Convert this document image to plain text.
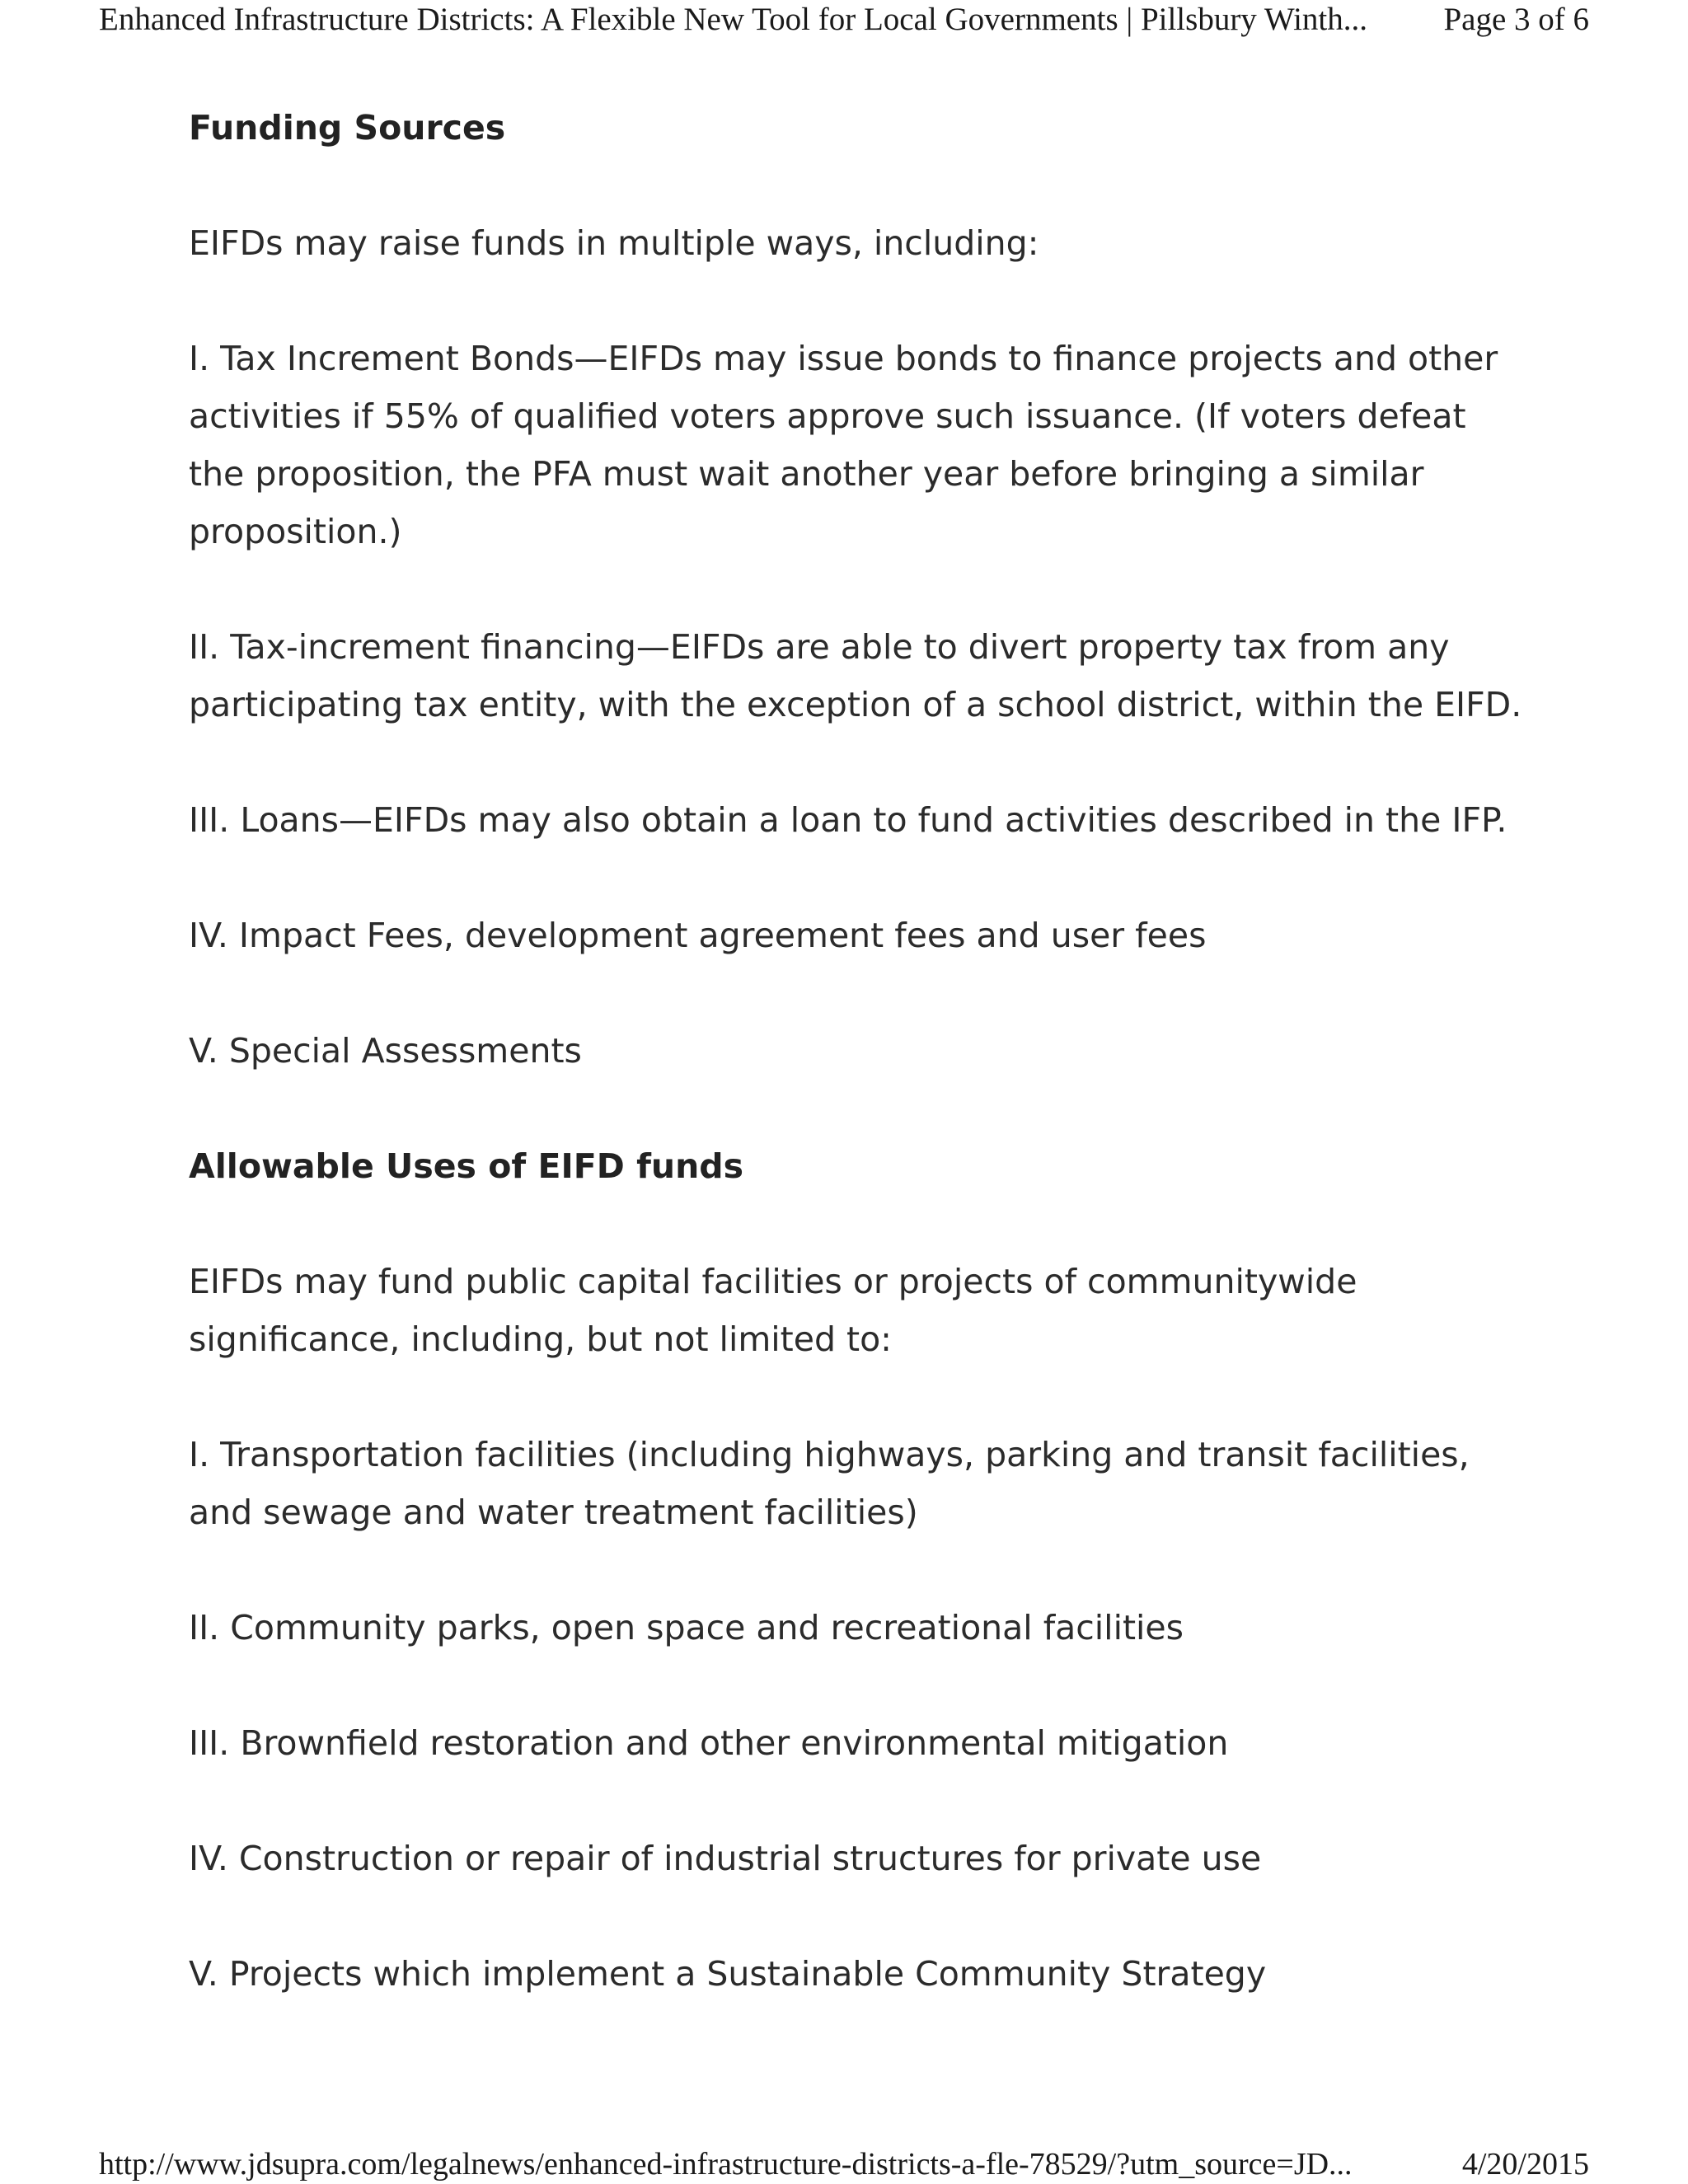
Enhanced Infrastructure Districts: A Flexible New Tool for Local Governments | Pillsbury Winth... Page 3 of 6
Funding Sources

EIFDs may raise funds in multiple ways, including:

I. Tax Increment Bonds—EIFDs may issue bonds to finance projects and other activities if 55% of qualified voters approve such issuance. (If voters defeat the proposition, the PFA must wait another year before bringing a similar proposition.)

II. Tax-increment financing—EIFDs are able to divert property tax from any participating tax entity, with the exception of a school district, within the EIFD.

III. Loans—EIFDs may also obtain a loan to fund activities described in the IFP.

IV. Impact Fees, development agreement fees and user fees

V. Special Assessments

Allowable Uses of EIFD funds

EIFDs may fund public capital facilities or projects of communitywide significance, including, but not limited to:

I. Transportation facilities (including highways, parking and transit facilities, and sewage and water treatment facilities)

II. Community parks, open space and recreational facilities

III. Brownfield restoration and other environmental mitigation

IV. Construction or repair of industrial structures for private use

V. Projects which implement a Sustainable Community Strategy

http://www.jdsupra.com/legalnews/enhanced-infrastructure-districts-a-fle-78529/?utm_source=JD...	4/20/2015
